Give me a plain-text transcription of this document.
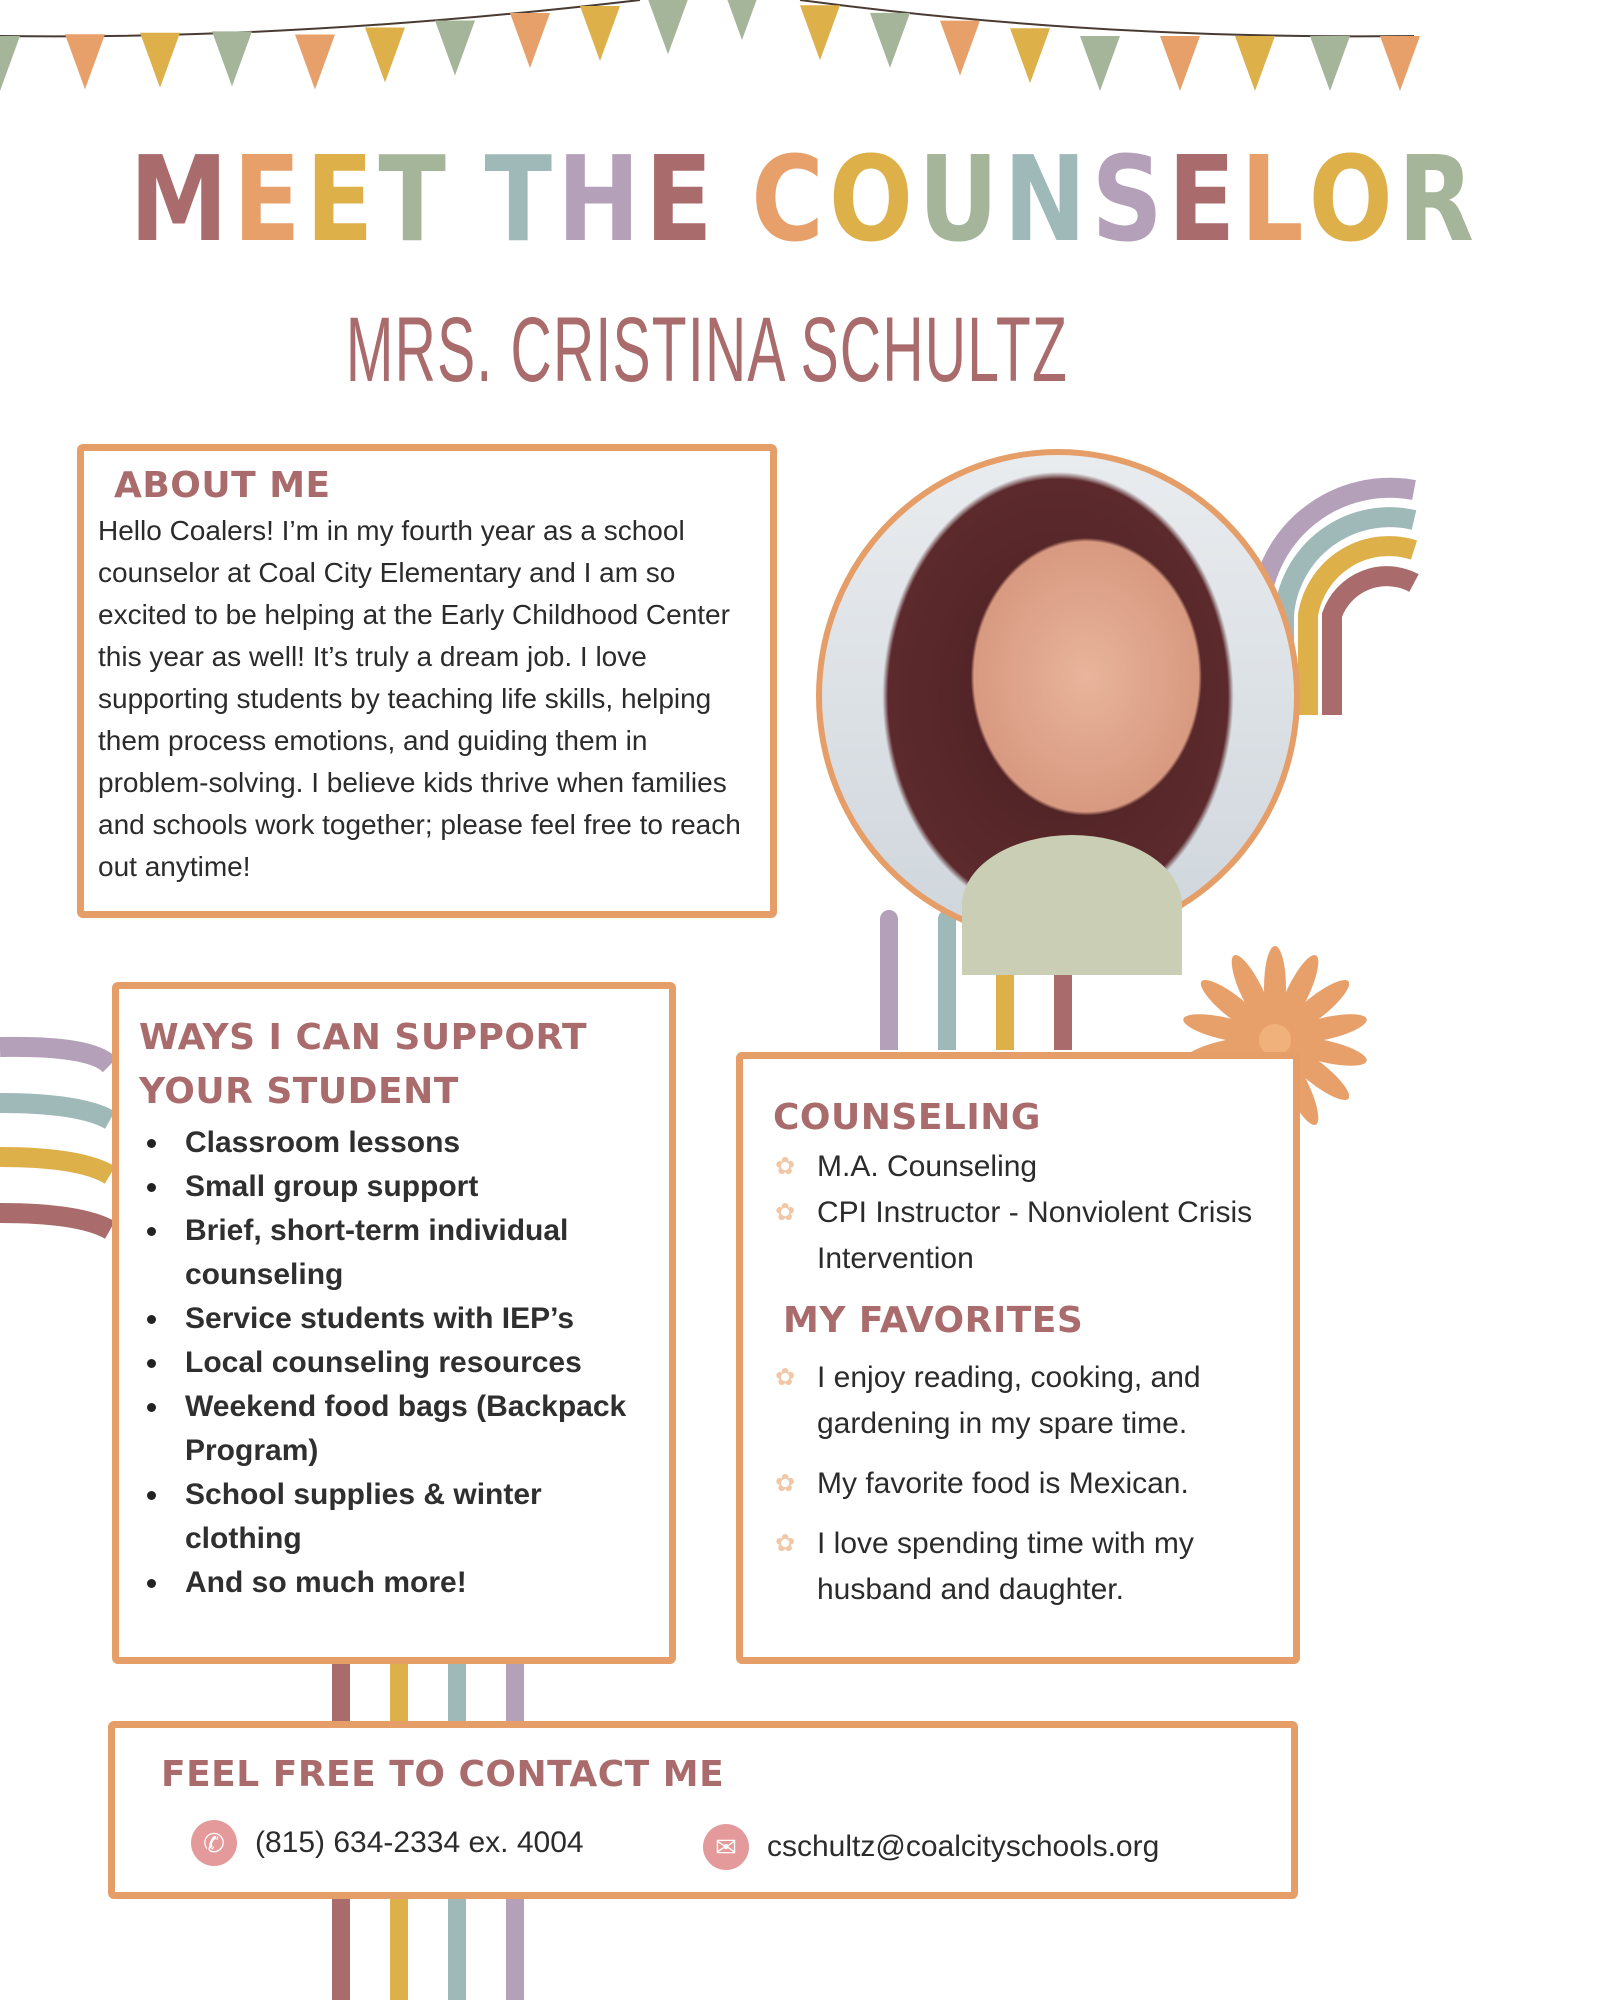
MEET THE COUNSELOR
MRS. CRISTINA SCHULTZ
ABOUT ME

Hello Coalers! I’m in my fourth year as a school counselor at Coal City Elementary and I am so excited to be helping at the Early Childhood Center this year as well! It’s truly a dream job. I love supporting students by teaching life skills, helping them process emotions, and guiding them in problem-solving. I believe kids thrive when families and schools work together; please feel free to reach out anytime!

WAYS I CAN SUPPORT YOUR STUDENT
Classroom lessons
Small group support
Brief, short-term individual counseling
Service students with IEP’s
Local counseling resources
Weekend food bags (Backpack Program)
School supplies & winter clothing
And so much more!
COUNSELING
✿ M.A. Counseling
✿ CPI Instructor - Nonviolent Crisis Intervention
MY FAVORITES
✿ I enjoy reading, cooking, and gardening in my spare time.
✿ My favorite food is Mexican.
✿ I love spending time with my husband and daughter.
FEEL FREE TO CONTACT ME
✆	(815) 634-2334 ex. 4004	✉	cschultz@coalcityschools.org
